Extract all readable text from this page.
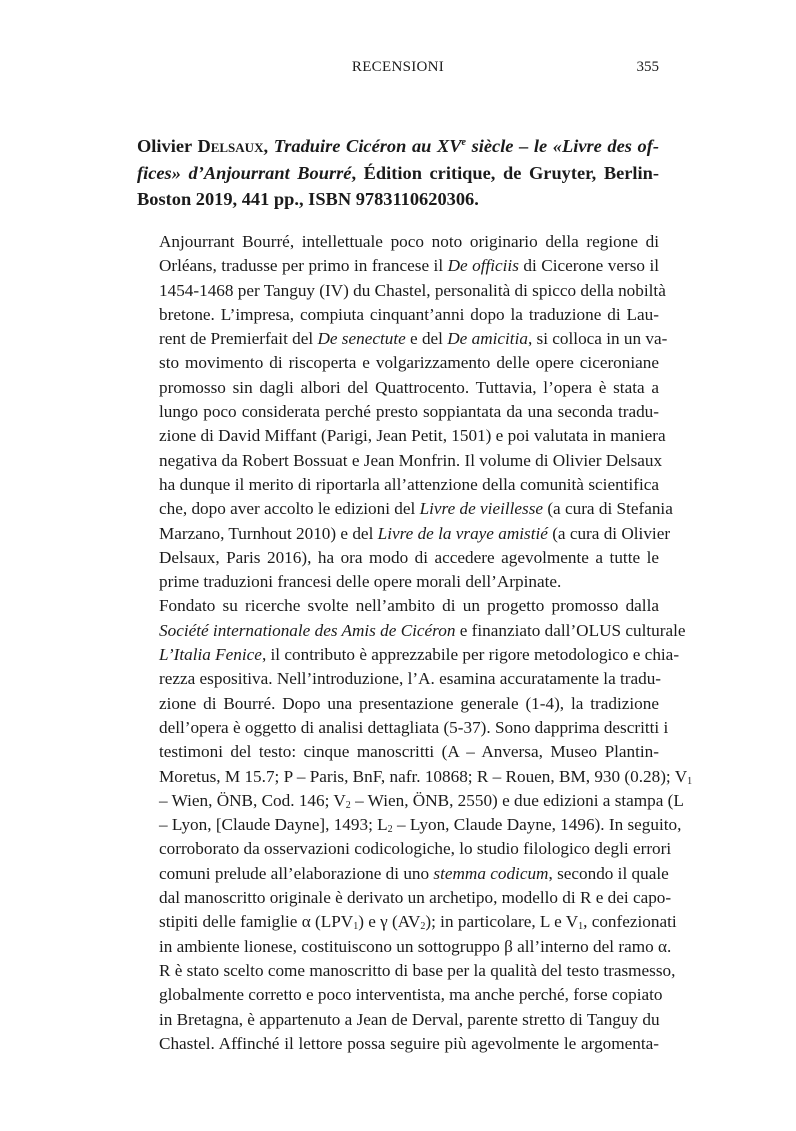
RECENSIONI	355
Olivier Delsaux, Traduire Cicéron au XVe siècle – le «Livre des of-
fices» d’Anjourrant Bourré, Édition critique, de Gruyter, Berlin-
Boston 2019, 441 pp., ISBN 9783110620306.

Anjourrant Bourré, intellettuale poco noto originario della regione di
Orléans, tradusse per primo in francese il De officiis di Cicerone verso il
1454-1468 per Tanguy (IV) du Chastel, personalità di spicco della nobiltà
bretone. L’impresa, compiuta cinquant’anni dopo la traduzione di Lau-
rent de Premierfait del De senectute e del De amicitia, si colloca in un va-
sto movimento di riscoperta e volgarizzamento delle opere ciceroniane
promosso sin dagli albori del Quattrocento. Tuttavia, l’opera è stata a
lungo poco considerata perché presto soppiantata da una seconda tradu-
zione di David Miffant (Parigi, Jean Petit, 1501) e poi valutata in maniera
negativa da Robert Bossuat e Jean Monfrin. Il volume di Olivier Delsaux
ha dunque il merito di riportarla all’attenzione della comunità scientifica
che, dopo aver accolto le edizioni del Livre de vieillesse (a cura di Stefania
Marzano, Turnhout 2010) e del Livre de la vraye amistié (a cura di Olivier
Delsaux, Paris 2016), ha ora modo di accedere agevolmente a tutte le
prime traduzioni francesi delle opere morali dell’Arpinate.

Fondato su ricerche svolte nell’ambito di un progetto promosso dalla
Société internationale des Amis de Cicéron e finanziato dall’OLUS culturale
L’Italia Fenice, il contributo è apprezzabile per rigore metodologico e chia-
rezza espositiva. Nell’introduzione, l’A. esamina accuratamente la tradu-
zione di Bourré. Dopo una presentazione generale (1-4), la tradizione
dell’opera è oggetto di analisi dettagliata (5-37). Sono dapprima descritti i
testimoni del testo: cinque manoscritti (A – Anversa, Museo Plantin-
Moretus, M 15.7; P – Paris, BnF, nafr. 10868; R – Rouen, BM, 930 (0.28); $V_1$
– Wien, ÖNB, Cod. 146; $V_2$ – Wien, ÖNB, 2550) e due edizioni a stampa (L
– Lyon, [Claude Dayne], 1493; $L_2$ – Lyon, Claude Dayne, 1496). In seguito,
corroborato da osservazioni codicologiche, lo studio filologico degli errori
comuni prelude all’elaborazione di uno stemma codicum, secondo il quale
dal manoscritto originale è derivato un archetipo, modello di R e dei capo-
stipiti delle famiglie α $(LPV_1)$ e γ $(AV_2)$; in particolare, L e $V_1$, confezionati
in ambiente lionese, costituiscono un sottogruppo β all’interno del ramo α.
R è stato scelto come manoscritto di base per la qualità del testo trasmesso,
globalmente corretto e poco interventista, ma anche perché, forse copiato
in Bretagna, è appartenuto a Jean de Derval, parente stretto di Tanguy du
Chastel. Affinché il lettore possa seguire più agevolmente le argomenta-
